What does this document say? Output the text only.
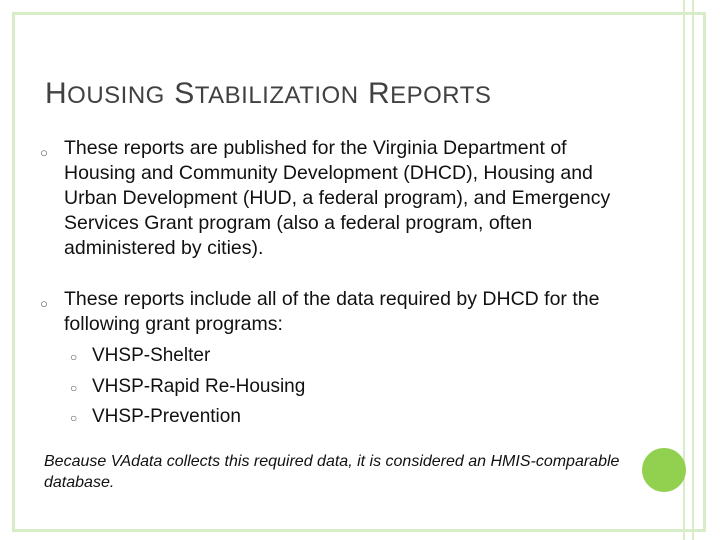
HOUSING STABILIZATION REPORTS
○ These reports are published for the Virginia Department of Housing and Community Development (DHCD), Housing and Urban Development (HUD, a federal program), and Emergency Services Grant program (also a federal program, often administered by cities).
○ These reports include all of the data required by DHCD for the following grant programs:
○ VHSP-Shelter
○ VHSP-Rapid Re-Housing
○ VHSP-Prevention

Because VAdata collects this required data, it is considered an HMIS-comparable database.
